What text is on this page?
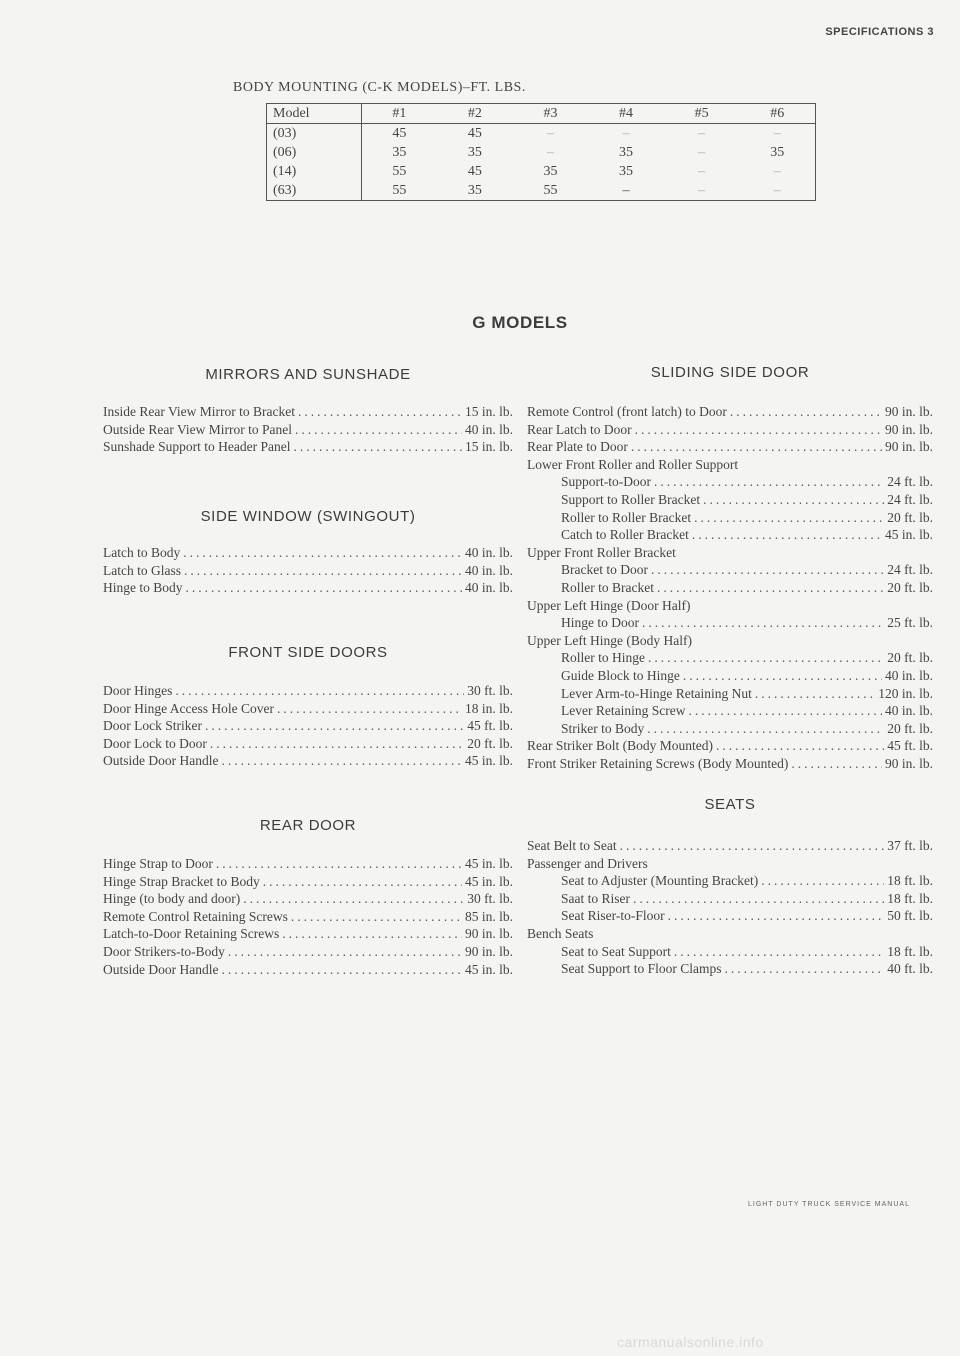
SPECIFICATIONS 3
BODY MOUNTING (C-K MODELS)–FT. LBS.
Model	#1	#2	#3	#4	#5	#6
(03)	45	45	–	–	–	–
(06)	35	35	–	35	–	35
(14)	55	45	35	35	–	–
(63)	55	35	55	–	–	–
G MODELS
MIRRORS AND SUNSHADE
Inside Rear View Mirror to Bracket .....	15 in. lb.
Outside Rear View Mirror to Panel .....	40 in. lb.
Sunshade Support to Header Panel .....	15 in. lb.
SIDE WINDOW (SWINGOUT)
Latch to Body .....	40 in. lb.
Latch to Glass .....	40 in. lb.
Hinge to Body .....	40 in. lb.
FRONT SIDE DOORS
Door Hinges .....	30 ft. lb.
Door Hinge Access Hole Cover .....	18 in. lb.
Door Lock Striker .....	45 ft. lb.
Door Lock to Door .....	20 ft. lb.
Outside Door Handle .....	45 in. lb.
REAR DOOR
Hinge Strap to Door .....	45 in. lb.
Hinge Strap Bracket to Body .....	45 in. lb.
Hinge (to body and door) .....	30 ft. lb.
Remote Control Retaining Screws .....	85 in. lb.
Latch-to-Door Retaining Screws .....	90 in. lb.
Door Strikers-to-Body .....	90 in. lb.
Outside Door Handle .....	45 in. lb.
SLIDING SIDE DOOR
Remote Control (front latch) to Door .....	90 in. lb.
Rear Latch to Door .....	90 in. lb.
Rear Plate to Door .....	90 in. lb.
Lower Front Roller and Roller Support
Support-to-Door .....	24 ft. lb.
Support to Roller Bracket .....	24 ft. lb.
Roller to Roller Bracket .....	20 ft. lb.
Catch to Roller Bracket .....	45 in. lb.
Upper Front Roller Bracket
Bracket to Door .....	24 ft. lb.
Roller to Bracket .....	20 ft. lb.
Upper Left Hinge (Door Half)
Hinge to Door .....	25 ft. lb.
Upper Left Hinge (Body Half)
Roller to Hinge .....	20 ft. lb.
Guide Block to Hinge .....	40 in. lb.
Lever Arm-to-Hinge Retaining Nut .....	120 in. lb.
Lever Retaining Screw .....	40 in. lb.
Striker to Body .....	20 ft. lb.
Rear Striker Bolt (Body Mounted) .....	45 ft. lb.
Front Striker Retaining Screws (Body Mounted) .....	90 in. lb.
SEATS
Seat Belt to Seat .....	37 ft. lb.
Passenger and Drivers
Seat to Adjuster (Mounting Bracket) .....	18 ft. lb.
Saat to Riser .....	18 ft. lb.
Seat Riser-to-Floor .....	50 ft. lb.
Bench Seats
Seat to Seat Support .....	18 ft. lb.
Seat Support to Floor Clamps .....	40 ft. lb.
LIGHT DUTY TRUCK SERVICE MANUAL
carmanualsonline.info
